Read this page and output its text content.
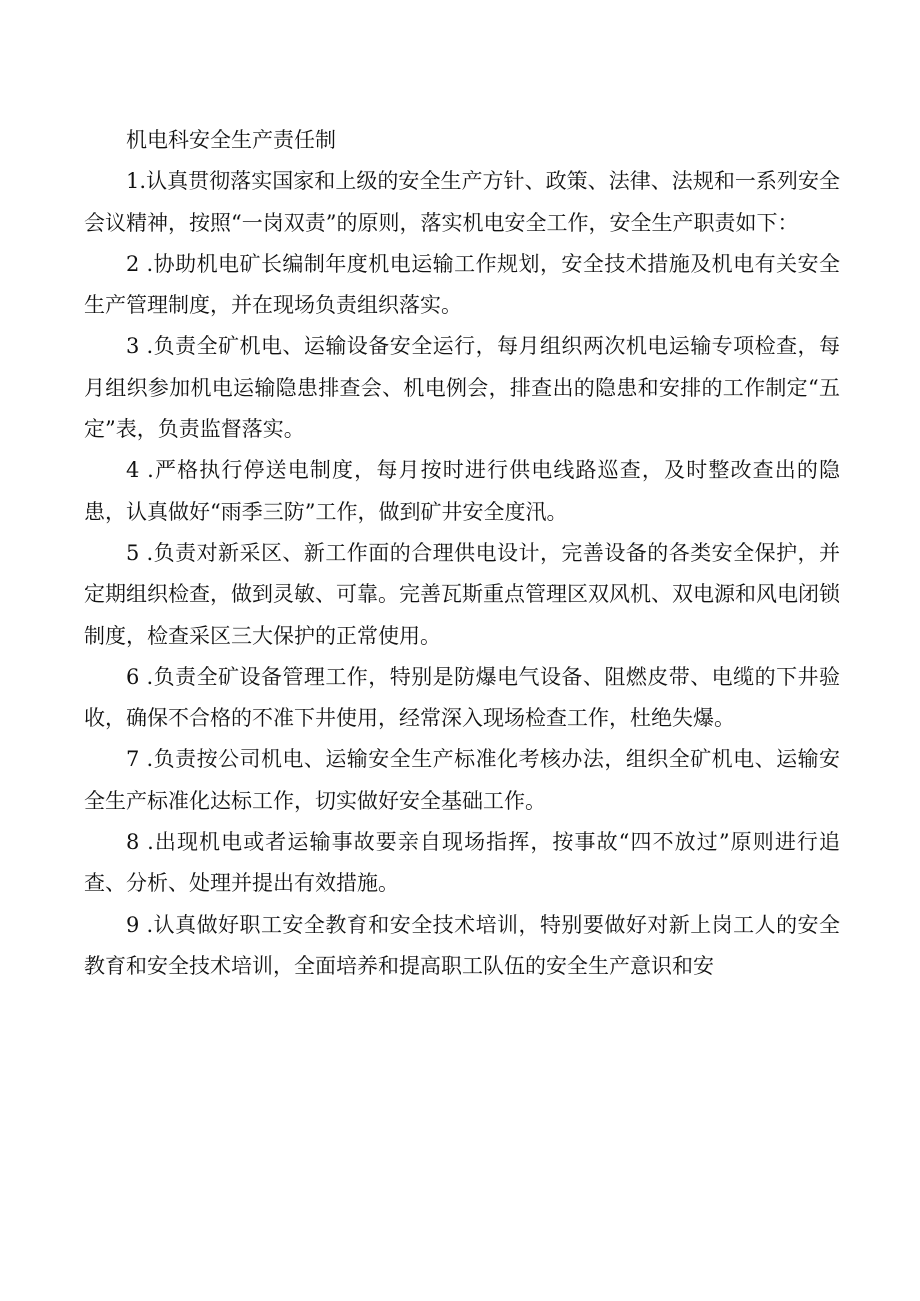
机电科安全生产责任制

1.认真贯彻落实国家和上级的安全生产方针、政策、法律、法规和一系列安全会议精神，按照“一岗双责”的原则，落实机电安全工作，安全生产职责如下：

2 .协助机电矿长编制年度机电运输工作规划，安全技术措施及机电有关安全生产管理制度，并在现场负责组织落实。

3 .负责全矿机电、运输设备安全运行，每月组织两次机电运输专项检查，每月组织参加机电运输隐患排查会、机电例会，排查出的隐患和安排的工作制定“五定”表，负责监督落实。

4 .严格执行停送电制度，每月按时进行供电线路巡查，及时整改查出的隐患，认真做好“雨季三防”工作，做到矿井安全度汛。

5 .负责对新采区、新工作面的合理供电设计，完善设备的各类安全保护，并定期组织检查，做到灵敏、可靠。完善瓦斯重点管理区双风机、双电源和风电闭锁制度，检查采区三大保护的正常使用。

6 .负责全矿设备管理工作，特别是防爆电气设备、阻燃皮带、电缆的下井验收，确保不合格的不准下井使用，经常深入现场检查工作，杜绝失爆。

7 .负责按公司机电、运输安全生产标准化考核办法，组织全矿机电、运输安全生产标准化达标工作，切实做好安全基础工作。

8 .出现机电或者运输事故要亲自现场指挥，按事故“四不放过”原则进行追查、分析、处理并提出有效措施。

9 .认真做好职工安全教育和安全技术培训，特别要做好对新上岗工人的安全教育和安全技术培训，全面培养和提高职工队伍的安全生产意识和安
